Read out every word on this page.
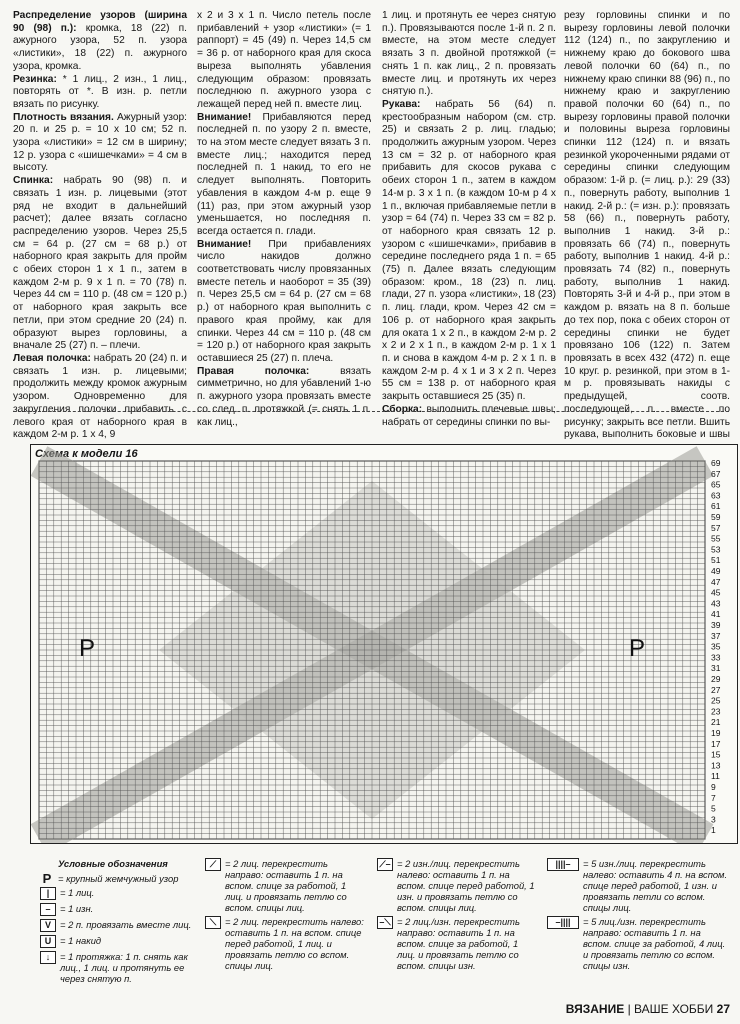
Распределение узоров (ширина 90 (98) п.): кромка, 18 (22) п. ажурного узора, 52 п. узора «листики», 18 (22) п. ажурного узора, кромка.
Резинка: * 1 лиц., 2 изн., 1 лиц., повторять от *. В изн. р. петли вязать по рисунку.
Плотность вязания. Ажурный узор: 20 п. и 25 р. = 10 х 10 см; 52 п. узора «листики» = 12 см в ширину; 12 р. узора с «шишечками» = 4 см в высоту.
Спинка: набрать 90 (98) п. и связать 1 изн. р. лицевыми (этот ряд не входит в дальнейший расчет); далее вязать согласно распределению узоров. Через 25,5 см = 64 р. (27 см = 68 р.) от наборного края закрыть для пройм с обеих сторон 1 х 1 п., затем в каждом 2-м р. 9 х 1 п. = 70 (78) п. Через 44 см = 110 р. (48 см = 120 р.) от наборного края закрыть все петли, при этом средние 20 (24) п. образуют вырез горловины, а вначале 25 (27) п. – плечи.
Левая полочка: набрать 20 (24) п. и связать 1 изн. р. лицевыми; продолжить между кромок ажурным узором. Одновременно для закругления полочки прибавить с левого края от наборного края в каждом 2-м р. 1 х 4, 9

х 2 и 3 х 1 п. Число петель после прибавлений + узор «листики» (= 1 раппорт) = 45 (49) п. Через 14,5 см = 36 р. от наборного края для скоса выреза выполнять убавления следующим образом: провязать последнюю п. ажурного узора с лежащей перед ней п. вместе лиц.
Внимание! Прибавляются перед последней п. по узору 2 п. вместе, то на этом месте следует вязать 3 п. вместе лиц.; находится перед последней п. 1 накид, то его не следует выполнять. Повторить убавления в каждом 4-м р. еще 9 (11) раз, при этом ажурный узор уменьшается, но последняя п. всегда остается п. глади.
Внимание! При прибавлениях число накидов должно соответствовать числу провязанных вместе петель и наоборот = 35 (39) п. Через 25,5 см = 64 р. (27 см = 68 р.) от наборного края выполнить с правого края пройму, как для спинки. Через 44 см = 110 р. (48 см = 120 р.) от наборного края закрыть оставшиеся 25 (27) п. плеча.
Правая полочка: вязать симметрично, но для убавлений 1-ю п. ажурного узора провязать вместе со след. п. протяжкой (= снять 1 п. как лиц.,

1 лиц. и протянуть ее через снятую п.). Провязываются после 1-й п. 2 п. вместе, на этом месте следует вязать 3 п. двойной протяжкой (= снять 1 п. как лиц., 2 п. провязать вместе лиц. и протянуть их через снятую п.).
Рукава: набрать 56 (64) п. крестообразным набором (см. стр. 25) и связать 2 р. лиц. гладью; продолжить ажурным узором. Через 13 см = 32 р. от наборного края прибавить для скосов рукава с обеих сторон 1 п., затем в каждом 14-м р. 3 х 1 п. (в каждом 10-м р 4 х 1 п., включая прибавляемые петли в узор = 64 (74) п. Через 33 см = 82 р. от наборного края связать 12 р. узором с «шишечками», прибавив в середине последнего ряда 1 п. = 65 (75) п. Далее вязать следующим образом: кром., 18 (23) п. лиц. глади, 27 п. узора «листики», 18 (23) п. лиц. глади, кром. Через 42 см = 106 р. от наборного края закрыть для оката 1 х 2 п., в каждом 2-м р. 2 х 2 и 2 х 1 п., в каждом 2-м р. 1 х 1 п. и снова в каждом 4-м р. 2 х 1 п. в каждом 2-м р. 4 х 1 и 3 х 2 п. Через 55 см = 138 р. от наборного края закрыть оставшиеся 25 (35) п.
Сборка: выполнить плечевые швы; набрать от середины спинки по вы-

резу горловины спинки и по вырезу горловины левой полочки 112 (124) п., по закруглению и нижнему краю до бокового шва левой полочки 60 (64) п., по нижнему краю спинки 88 (96) п., по нижнему краю и закруглению правой полочки 60 (64) п., по вырезу горловины правой полочки и половины выреза горловины спинки 112 (124) п. и вязать резинкой укороченными рядами от середины спинки следующим образом: 1-й р. (= лиц. р.): 29 (33) п., повернуть работу, выполнив 1 накид. 2-й р.: (= изн. р.): провязать 58 (66) п., повернуть работу, выполнив 1 накид. 3-й р.: провязать 66 (74) п., повернуть работу, выполнив 1 накид. 4-й р.: провязать 74 (82) п., повернуть работу, выполнив 1 накид. Повторять 3-й и 4-й р., при этом в каждом р. вязать на 8 п. больше до тех пор, пока с обеих сторон от середины спинки не будет провязано 106 (122) п. Затем провязать в всех 432 (472) п. еще 10 круг. р. резинкой, при этом в 1-м р. провязывать накиды с предыдущей, соотв. последующей, п. вместе по рисунку; закрыть все петли. Вшить рукава, выполнить боковые и швы

Схема к модели 16
69
67
65
63
61
59
57
55
53
51
49
47
45
43
41
39
37
35
33
31
29
27
25
23
21
19
17
15
13
11
9
7
5
3
1
Р	Р
Условные обозначения
Р = крупный жемчужный узор
|	= 1 лиц.
–	= 1 изн.
V = 2 п. провязать вместе лиц.
U = 1 накид
↓	= 1 протяжка: 1 п. снять как лиц., 1 лиц. и протянуть ее через снятую п.
⟋ = 2 лиц. перекрестить направо: оставить 1 п. на вспом. спице за работой, 1 лиц. и провязать петлю со вспом. спицы лиц.
⟍ = 2 лиц. перекрестить налево: оставить 1 п. на вспом. спице перед работой, 1 лиц. и провязать петлю со вспом. спицы лиц.
⟋– = 2 изн./лиц. перекрестить налево: оставить 1 п. на вспом. спице перед работой, 1 изн. и провязать петлю со вспом. спицы лиц.
–⟍ = 2 лиц./изн. перекрестить направо: оставить 1 п. на вспом. спице за работой, 1 лиц. и провязать петлю со вспом. спицы изн.
||||–	= 5 изн./лиц. перекрестить налево: оставить 4 п. на вспом. спице перед работой, 1 изн. и провязать петли со вспом. спицы лиц.
–||||	= 5 лиц./изн. перекрестить направо: оставить 1 п. на вспом. спице за работой, 4 лиц. и провязать петлю со вспом. спицы изн.
ВЯЗАНИЕ | ВАШЕ ХОББИ 27
